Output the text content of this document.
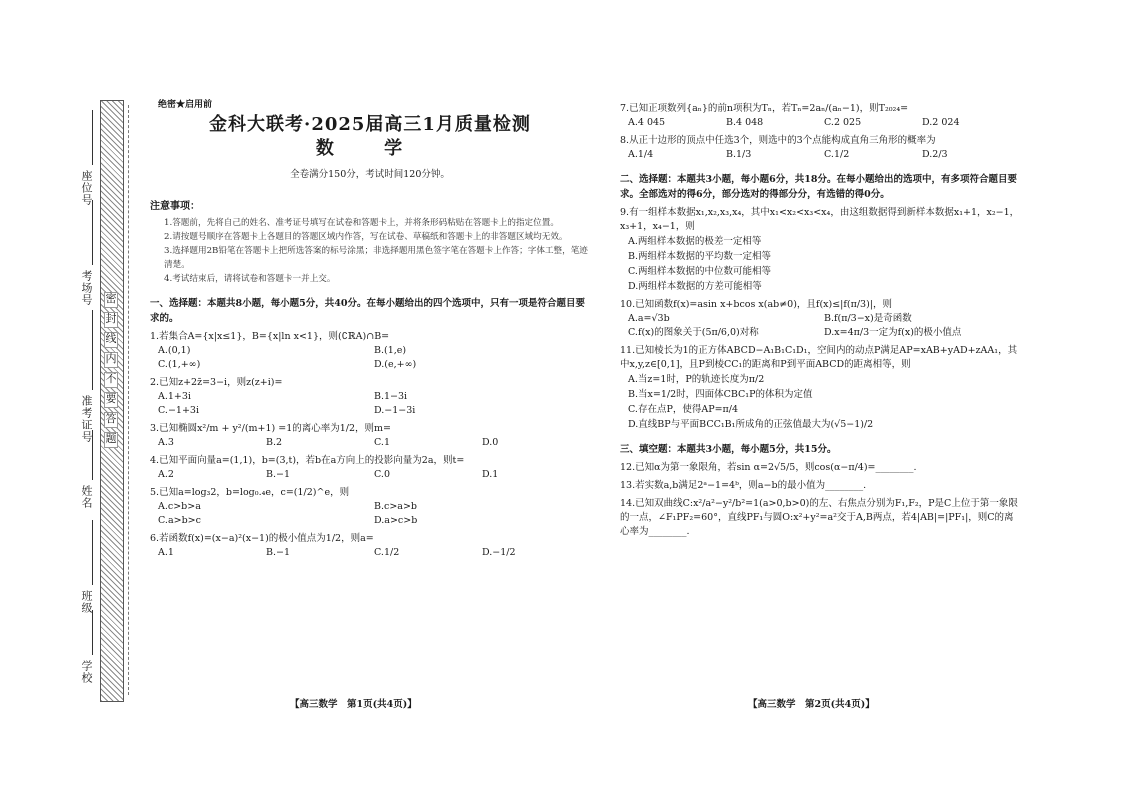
密
封
线
内
不
要
答
题
座位号
考场号
准考证号
姓名
班级
学校
绝密★启用前
金科大联考·2025届高三1月质量检测
数 学
全卷满分150分，考试时间120分钟。
注意事项：
1.答题前，先将自己的姓名、准考证号填写在试卷和答题卡上，并将条形码粘贴在答题卡上的指定位置。
2.请按题号顺序在答题卡上各题目的答题区域内作答，写在试卷、草稿纸和答题卡上的非答题区域均无效。
3.选择题用2B铅笔在答题卡上把所选答案的标号涂黑；非选择题用黑色签字笔在答题卡上作答；字体工整，笔迹清楚。
4.考试结束后，请将试卷和答题卡一并上交。
一、选择题：本题共8小题，每小题5分，共40分。在每小题给出的四个选项中，只有一项是符合题目要求的。
1.若集合A={x|x≤1}，B={x|ln x<1}，则(∁ℝA)∩B=
A.(0,1)	B.(1,e)
C.(1,+∞)	D.(e,+∞)
2.已知z+2z̄=3−i，则z(z+i)=
A.1+3i	B.1−3i
C.−1+3i	D.−1−3i
3.已知椭圆x²/m + y²/(m+1) =1的离心率为1/2，则m=
A.3	B.2	C.1	D.0
4.已知平面向量a=(1,1)，b=(3,t)，若b在a方向上的投影向量为2a，则t=
A.2	B.−1	C.0	D.1
5.已知a=log₃2，b=log₀.₄e，c=(1/2)^e，则
A.c>b>a	B.c>a>b
C.a>b>c	D.a>c>b
6.若函数f(x)=(x−a)²(x−1)的极小值点为1/2，则a=
A.1	B.−1	C.1/2	D.−1/2
【高三数学　第1页(共4页)】
7.已知正项数列{aₙ}的前n项积为Tₙ，若Tₙ=2aₙ/(aₙ−1)，则T₂₀₂₄=
A.4 045	B.4 048	C.2 025	D.2 024
8.从正十边形的顶点中任选3个，则选中的3个点能构成直角三角形的概率为
A.1/4	B.1/3	C.1/2	D.2/3
二、选择题：本题共3小题，每小题6分，共18分。在每小题给出的选项中，有多项符合题目要求。全部选对的得6分，部分选对的得部分分，有选错的得0分。
9.有一组样本数据x₁,x₂,x₃,x₄，其中x₁<x₂<x₃<x₄，由这组数据得到新样本数据x₁+1，x₂−1，x₃+1，x₄−1，则
A.两组样本数据的极差一定相等
B.两组样本数据的平均数一定相等
C.两组样本数据的中位数可能相等
D.两组样本数据的方差可能相等
10.已知函数f(x)=asin x+bcos x(ab≠0)，且f(x)≤|f(π/3)|，则
A.a=√3b	B.f(π/3−x)是奇函数
C.f(x)的图象关于(5π/6,0)对称	D.x=4π/3一定为f(x)的极小值点
11.已知棱长为1的正方体ABCD−A₁B₁C₁D₁，空间内的动点P满足AP=xAB+yAD+zAA₁，其中x,y,z∈[0,1]，且P到棱CC₁的距离和P到平面ABCD的距离相等，则
A.当z=1时，P的轨迹长度为π/2
B.当x=1/2时，四面体CBC₁P的体积为定值
C.存在点P，使得AP=π/4
D.直线BP与平面BCC₁B₁所成角的正弦值最大为(√5−1)/2
三、填空题：本题共3小题，每小题5分，共15分。
12.已知α为第一象限角，若sin α=2√5/5，则cos(α−π/4)=________.
13.若实数a,b满足2ᵃ−1=4ᵇ，则a−b的最小值为________.
14.已知双曲线C:x²/a²−y²/b²=1(a>0,b>0)的左、右焦点分别为F₁,F₂，P是C上位于第一象限的一点，∠F₁PF₂=60°，直线PF₁与圆O:x²+y²=a²交于A,B两点，若4|AB|=|PF₁|，则C的离心率为________.
【高三数学　第2页(共4页)】
